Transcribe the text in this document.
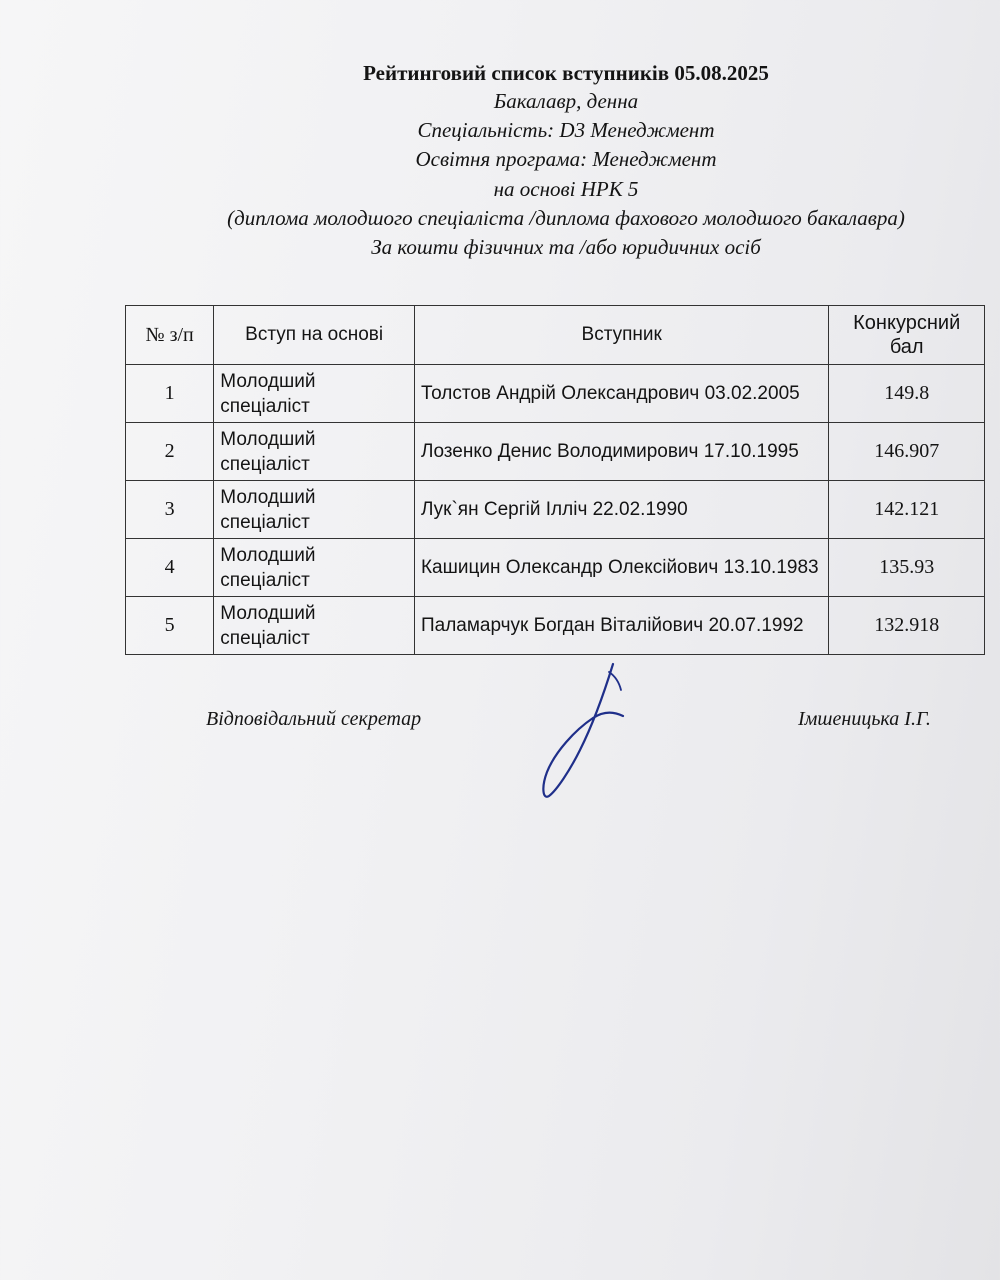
Рейтинговий список вступників 05.08.2025
Бакалавр, денна
Спеціальність: D3 Менеджмент
Освітня програма: Менеджмент
на основі НРК 5
(диплома молодшого спеціаліста /диплома фахового молодшого бакалавра)
За кошти фізичних та /або юридичних осіб
№ з/п	Вступ на основі	Вступник	Конкурсний бал
1	Молодший спеціаліст	Толстов Андрій Олександрович 03.02.2005	149.8
2	Молодший спеціаліст	Лозенко Денис Володимирович 17.10.1995	146.907
3	Молодший спеціаліст	Лук`ян Сергій Ілліч 22.02.1990	142.121
4	Молодший спеціаліст	Кашицин Олександр Олексійович 13.10.1983	135.93
5	Молодший спеціаліст	Паламарчук Богдан Віталійович 20.07.1992	132.918
Відповідальний секретар	Імшеницька І.Г.
